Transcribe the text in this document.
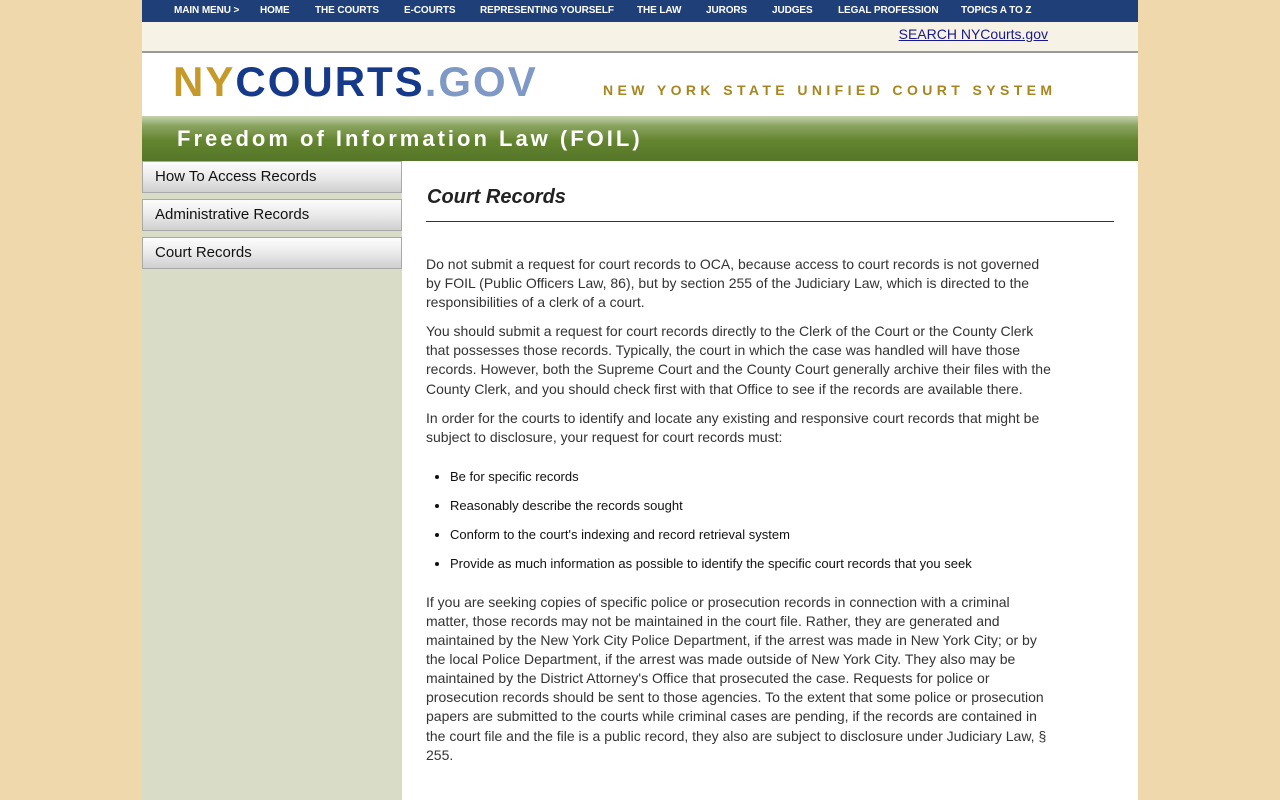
MAIN MENU > HOME	THE COURTS E-COURTS REPRESENTING YOURSELF THE LAW JURORS JUDGES	LEGAL PROFESSION TOPICS A TO Z
SEARCH NYCourts.gov
NYCOURTS.GOV	NEW YORK STATE UNIFIED COURT SYSTEM
Freedom of Information Law (FOIL)
How To Access Records
Administrative Records
Court Records
Court Records

Do not submit a request for court records to OCA, because access to court records is not governed by FOIL (Public Officers Law, 86), but by section 255 of the Judiciary Law, which is directed to the responsibilities of a clerk of a court.

You should submit a request for court records directly to the Clerk of the Court or the County Clerk that possesses those records. Typically, the court in which the case was handled will have those records. However, both the Supreme Court and the County Court generally archive their files with the County Clerk, and you should check first with that Office to see if the records are available there.

In order for the courts to identify and locate any existing and responsive court records that might be subject to disclosure, your request for court records must:

• Be for specific records
• Reasonably describe the records sought
• Conform to the court's indexing and record retrieval system
• Provide as much information as possible to identify the specific court records that you seek

If you are seeking copies of specific police or prosecution records in connection with a criminal matter, those records may not be maintained in the court file. Rather, they are generated and maintained by the New York City Police Department, if the arrest was made in New York City; or by the local Police Department, if the arrest was made outside of New York City. They also may be maintained by the District Attorney's Office that prosecuted the case. Requests for police or prosecution records should be sent to those agencies. To the extent that some police or prosecution papers are submitted to the courts while criminal cases are pending, if the records are contained in the court file and the file is a public record, they also are subject to disclosure under Judiciary Law, § 255.
